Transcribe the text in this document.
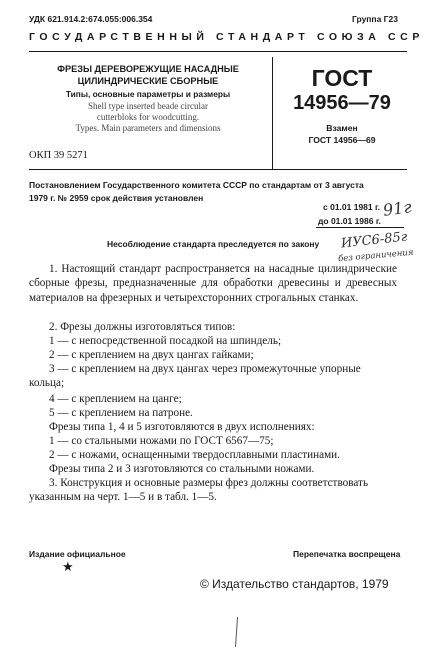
УДК 621.914.2:674.055:006.354	Группа Г23
ГОСУДАРСТВЕННЫЙ СТАНДАРТ СОЮЗА ССР
ФРЕЗЫ ДЕРЕВОРЕЖУЩИЕ НАСАДНЫЕ
ЦИЛИНДРИЧЕСКИЕ СБОРНЫЕ
Типы, основные параметры и размеры
Shell type inserted beade circular
cutterbloks for woodcutting.
Types. Main parameters and dimensions
ГОСТ
14956—79
Взамен
ГОСТ 14956—69
ОКП 39 5271
Постановлением Государственного комитета СССР по стандартам от 3 августа
1979 г. № 2959 срок действия установлен
с 01.01 1981 г.
до 01.01 1986 г.
91г
ИУС6-85г
без ограничения
Несоблюдение стандарта преследуется по закону

1. Настоящий стандарт распространяется на насадные цилиндрические сборные фрезы, предназначенные для обработки древесины и древесных материалов на фрезерных и четырехсторонних строгальных станках.

2. Фрезы должны изготовляться типов:

1 — с непосредственной посадкой на шпиндель;

2 — с креплением на двух цангах гайками;

3 — с креплением на двух цангах через промежуточные упорные кольца;

4 — с креплением на цанге;

5 — с креплением на патроне.

Фрезы типа 1, 4 и 5 изготовляются в двух исполнениях:

1 — со стальными ножами по ГОСТ 6567—75;

2 — с ножами, оснащенными твердосплавными пластинами.

Фрезы типа 2 и 3 изготовляются со стальными ножами.

3. Конструкция и основные размеры фрез должны соответствовать указанным на черт. 1—5 и в табл. 1—5.

Издание официальное	Перепечатка воспрещена
★
© Издательство стандартов, 1979
